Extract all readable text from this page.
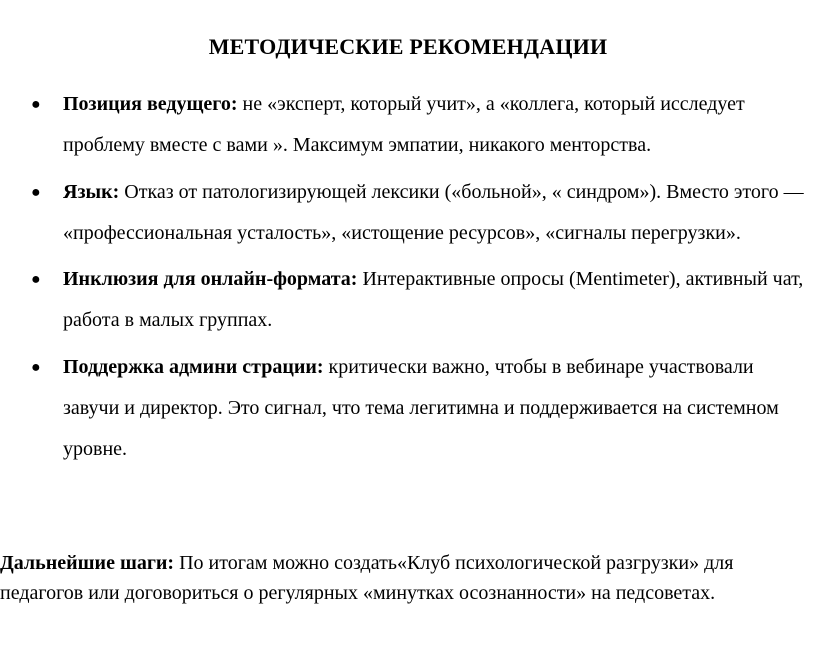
МЕТОДИЧЕСКИЕ РЕКОМЕНДАЦИИ
●
Позиция ведущего: не «эксперт, который учит», а «коллега, который исследует проблему вместе с вами ». Максимум эмпатии, никакого менторства.
●
Язык: Отказ от патологизирующей лексики («больной», « синдром»). Вместо этого — «профессиональная усталость», «истощение ресурсов», «сигналы перегрузки».
●
Инклюзия для онлайн-формата: Интерактивные опросы (Mentimeter), активный чат, работа в малых группах.
●
Поддержка админи страции: критически важно, чтобы в вебинаре участвовали завучи и директор. Это сигнал, что тема легитимна и поддерживается на системном уровне.
Дальнейшие шаги: По итогам можно создать«Клуб психологической разгрузки» для педагогов или договориться о регулярных «минутках осознанности» на педсоветах.
